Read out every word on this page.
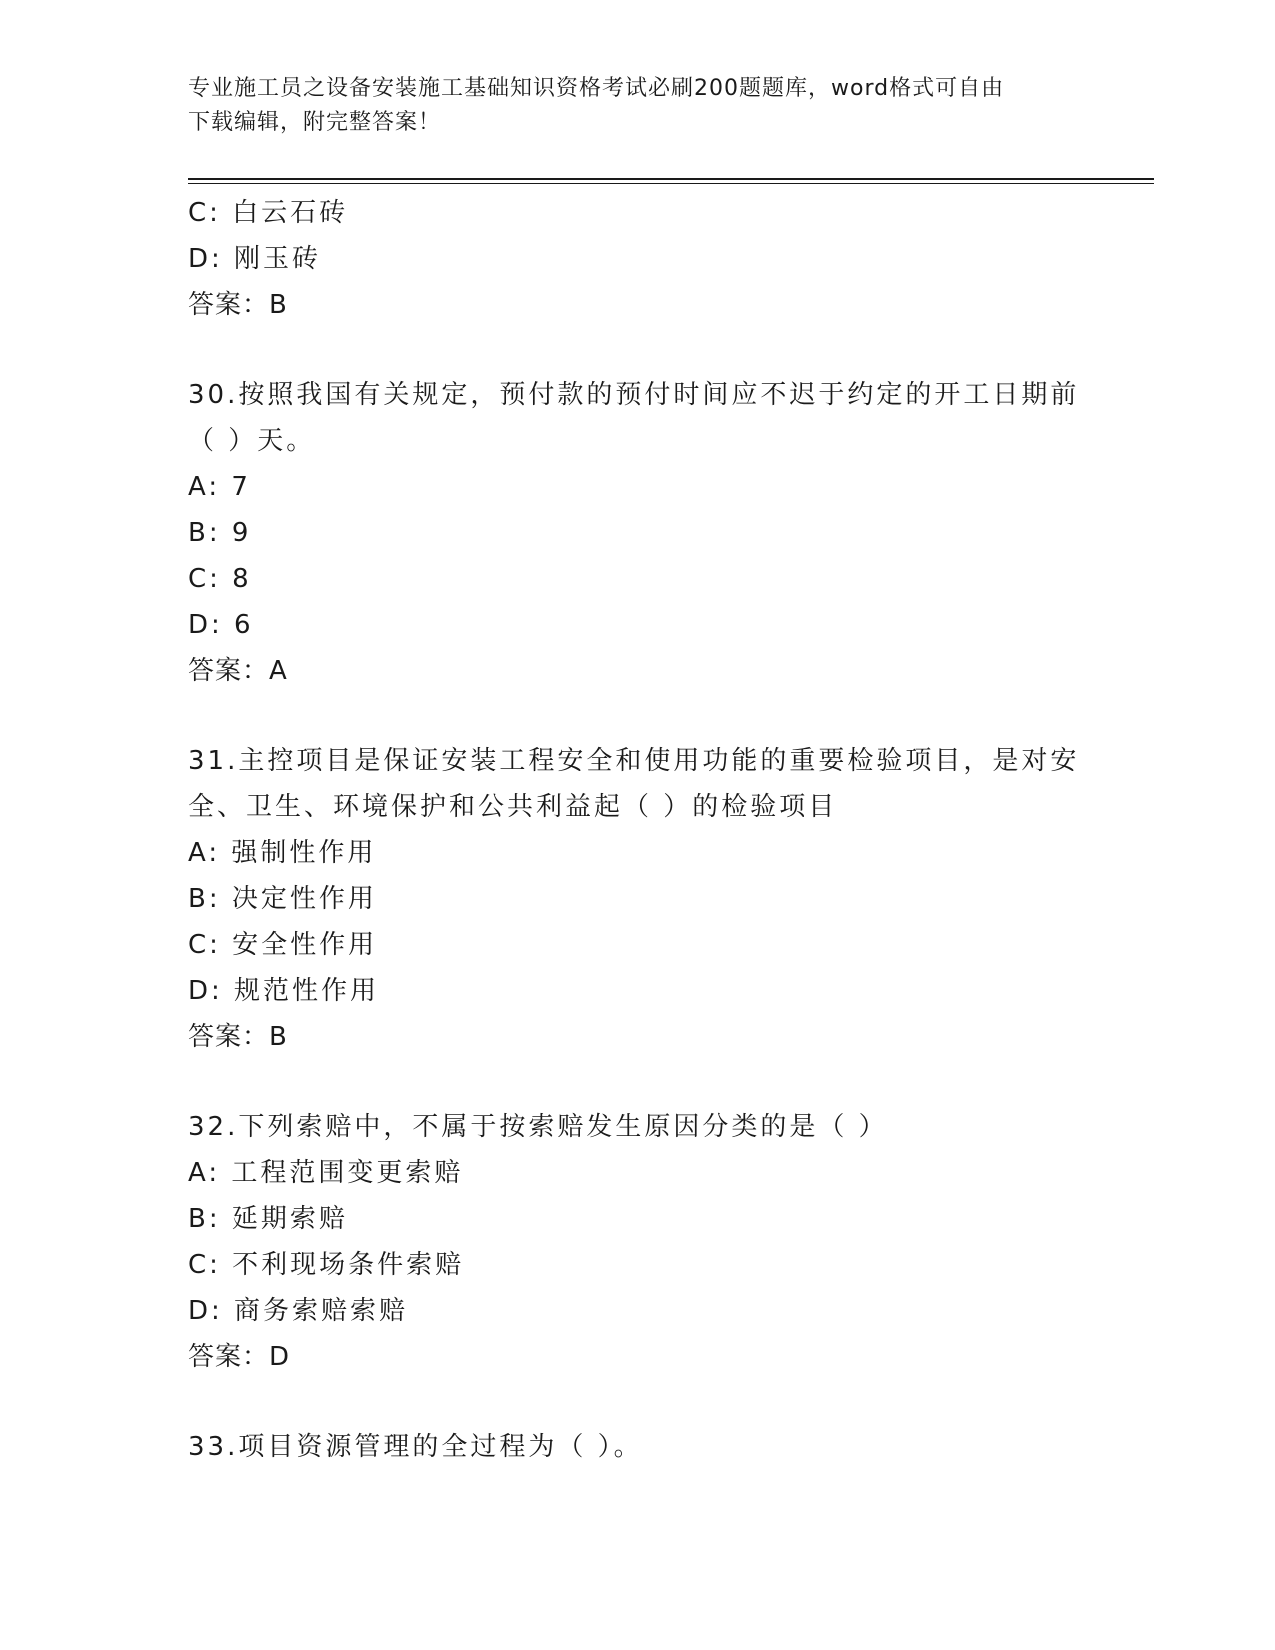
专业施工员之设备安装施工基础知识资格考试必刷200题题库，word格式可自由
下载编辑，附完整答案！
C: 白云石砖
D: 刚玉砖
答案：B
30.按照我国有关规定，预付款的预付时间应不迟于约定的开工日期前
（ ）天。
A: 7
B: 9
C: 8
D: 6
答案：A
31.主控项目是保证安装工程安全和使用功能的重要检验项目，是对安
全、卫生、环境保护和公共利益起（ ）的检验项目
A: 强制性作用
B: 决定性作用
C: 安全性作用
D: 规范性作用
答案：B
32.下列索赔中，不属于按索赔发生原因分类的是（ ）
A: 工程范围变更索赔
B: 延期索赔
C: 不利现场条件索赔
D: 商务索赔索赔
答案：D
33.项目资源管理的全过程为（ ）。
